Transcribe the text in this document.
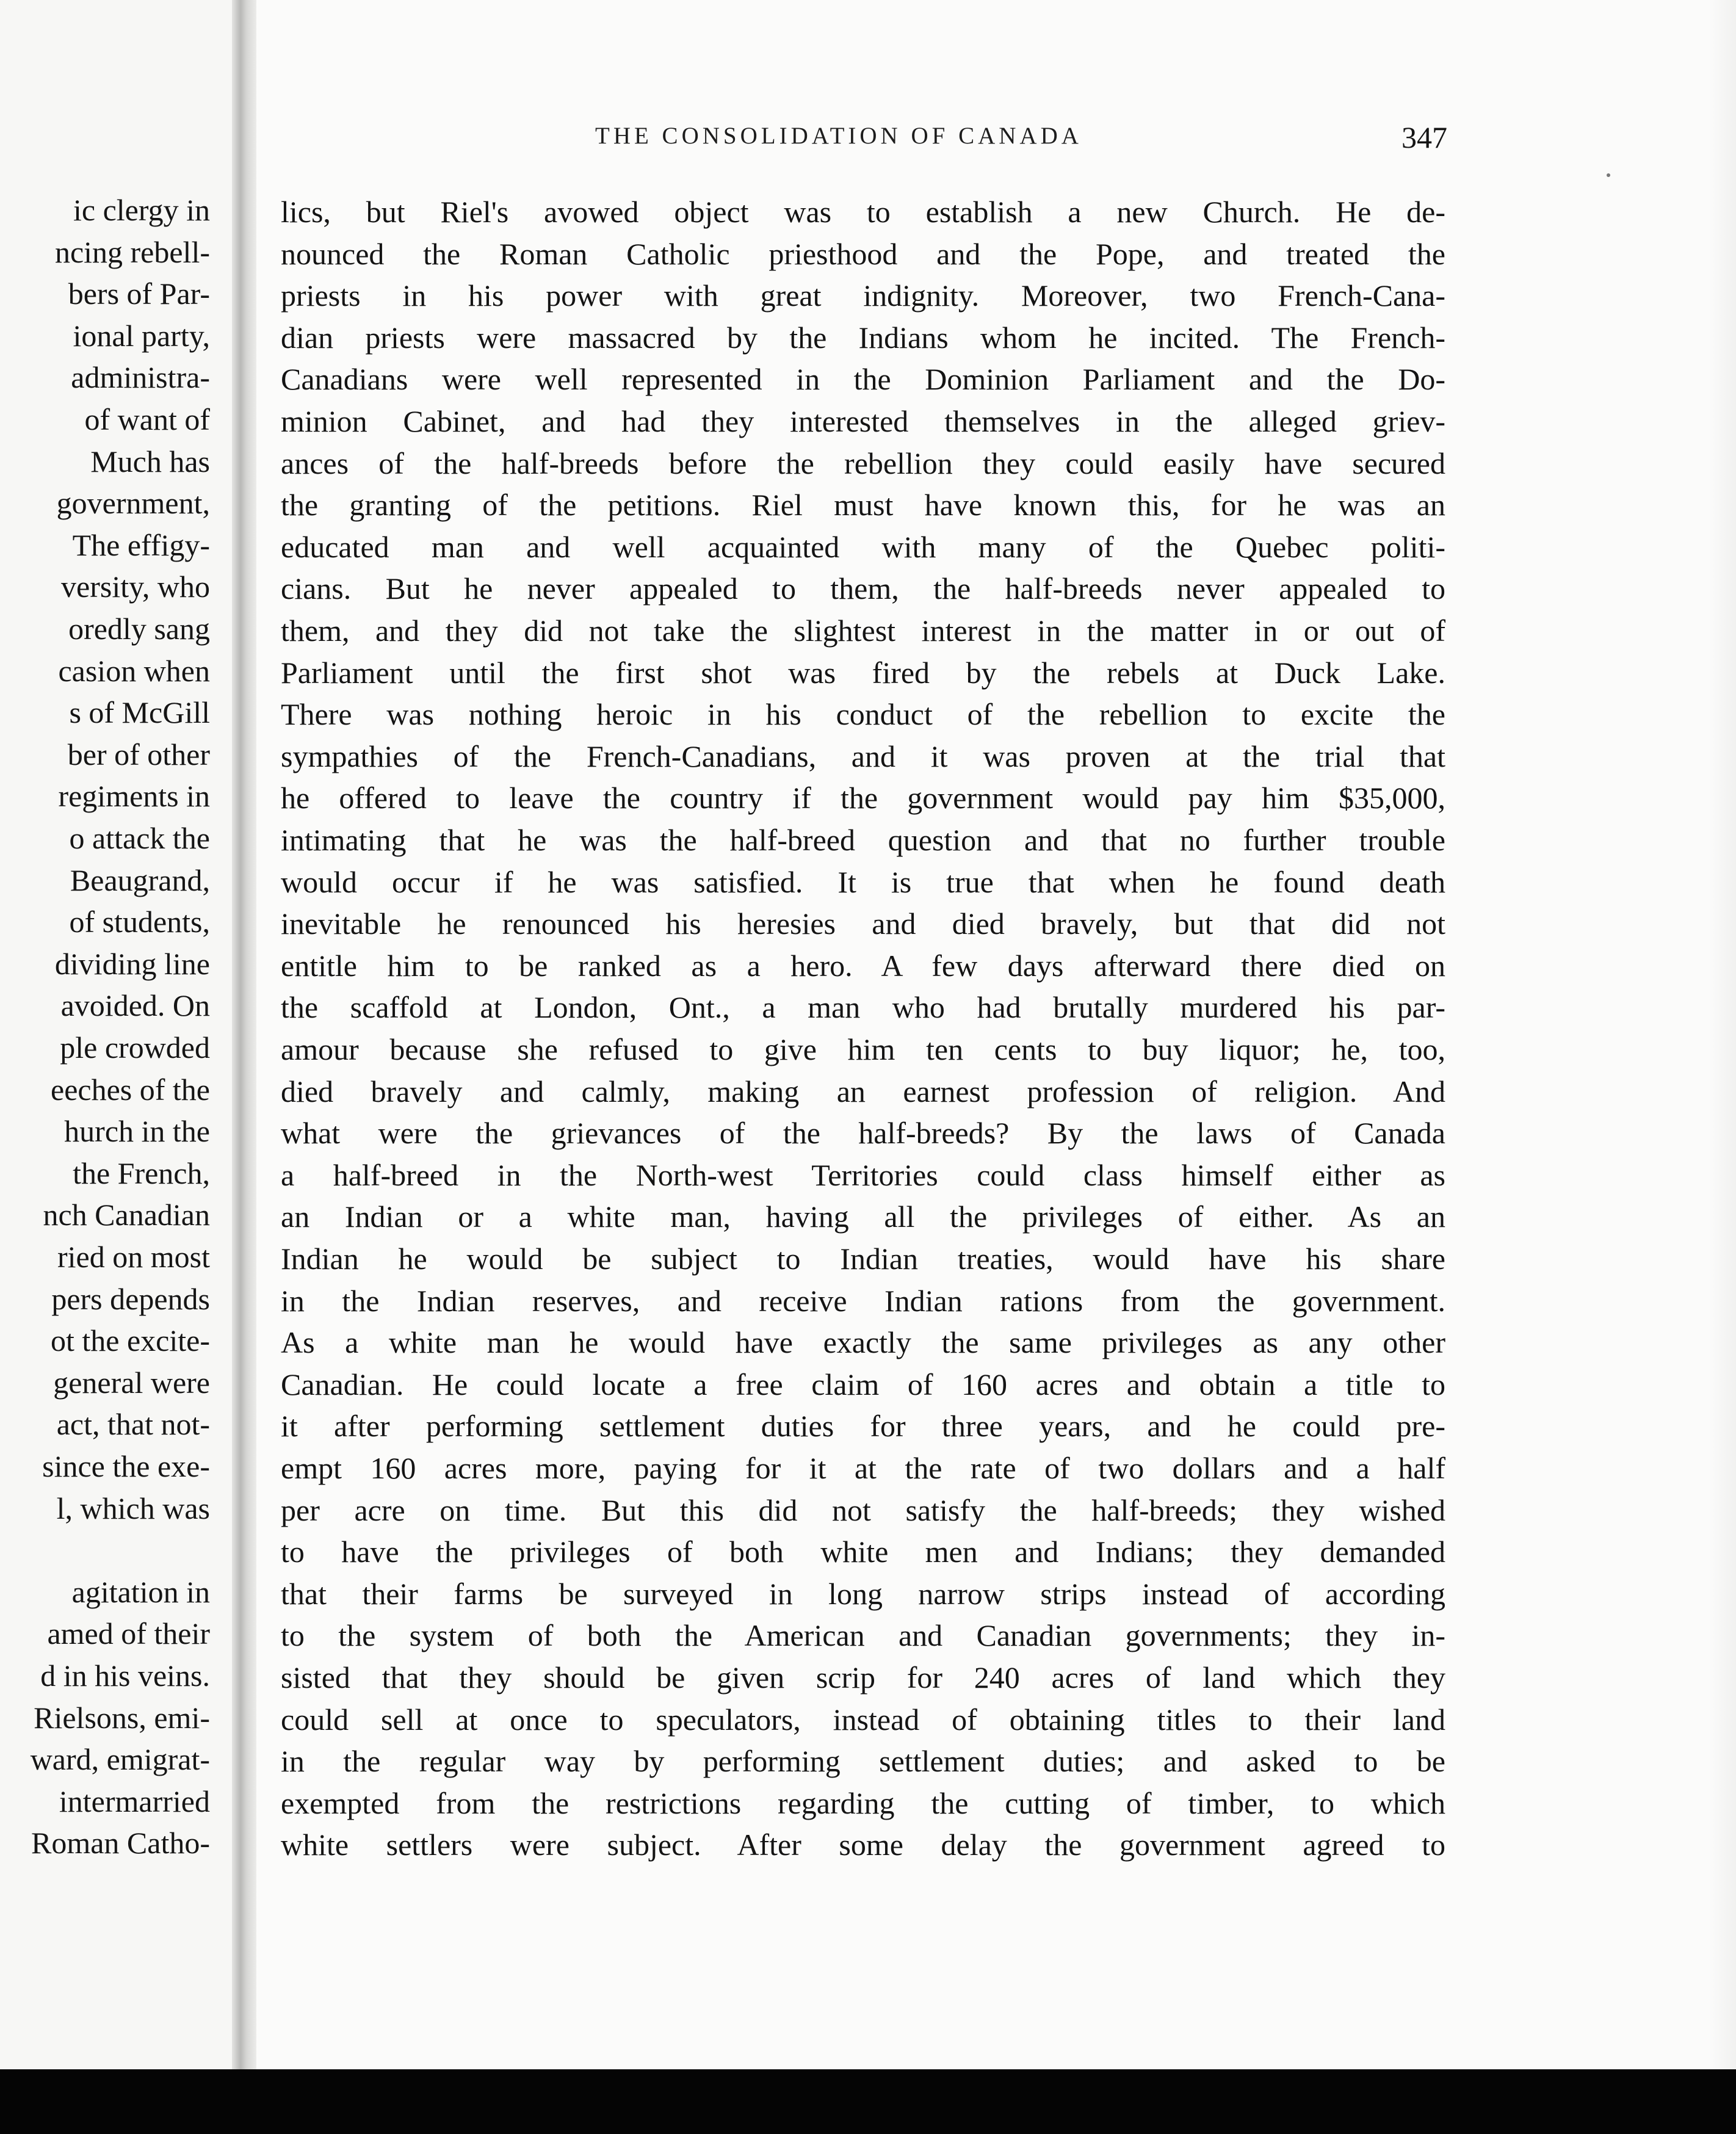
ic clergy in
ncing rebell-
bers of Par-
ional party,
administra-
of want of
Much has
government,
The effigy-
versity, who
oredly sang
casion when
s of McGill
ber of other
regiments in
o attack the
Beaugrand,
of students,
dividing line
avoided. On
ple crowded
eeches of the
hurch in the
the French,
nch Canadian
ried on most
pers depends
ot the excite-
general were
act, that not-
since the exe-
l, which was
agitation in
amed of their
d in his veins.
Rielsons, emi-
ward, emigrat-
intermarried
Roman Catho-
THE CONSOLIDATION OF CANADA	347
lics, but Riel's avowed object was to establish a new Church. He de-
nounced the Roman Catholic priesthood and the Pope, and treated the
priests in his power with great indignity. Moreover, two French-Cana-
dian priests were massacred by the Indians whom he incited. The French-
Canadians were well represented in the Dominion Parliament and the Do-
minion Cabinet, and had they interested themselves in the alleged griev-
ances of the half-breeds before the rebellion they could easily have secured
the granting of the petitions. Riel must have known this, for he was an
educated man and well acquainted with many of the Quebec politi-
cians. But he never appealed to them, the half-breeds never appealed to
them, and they did not take the slightest interest in the matter in or out of
Parliament until the first shot was fired by the rebels at Duck Lake.
There was nothing heroic in his conduct of the rebellion to excite the
sympathies of the French-Canadians, and it was proven at the trial that
he offered to leave the country if the government would pay him $35,000,
intimating that he was the half-breed question and that no further trouble
would occur if he was satisfied. It is true that when he found death
inevitable he renounced his heresies and died bravely, but that did not
entitle him to be ranked as a hero. A few days afterward there died on
the scaffold at London, Ont., a man who had brutally murdered his par-
amour because she refused to give him ten cents to buy liquor; he, too,
died bravely and calmly, making an earnest profession of religion. And
what were the grievances of the half-breeds? By the laws of Canada
a half-breed in the North-west Territories could class himself either as
an Indian or a white man, having all the privileges of either. As an
Indian he would be subject to Indian treaties, would have his share
in the Indian reserves, and receive Indian rations from the government.
As a white man he would have exactly the same privileges as any other
Canadian. He could locate a free claim of 160 acres and obtain a title to
it after performing settlement duties for three years, and he could pre-
empt 160 acres more, paying for it at the rate of two dollars and a half
per acre on time. But this did not satisfy the half-breeds; they wished
to have the privileges of both white men and Indians; they demanded
that their farms be surveyed in long narrow strips instead of according
to the system of both the American and Canadian governments; they in-
sisted that they should be given scrip for 240 acres of land which they
could sell at once to speculators, instead of obtaining titles to their land
in the regular way by performing settlement duties; and asked to be
exempted from the restrictions regarding the cutting of timber, to which
white settlers were subject. After some delay the government agreed to
